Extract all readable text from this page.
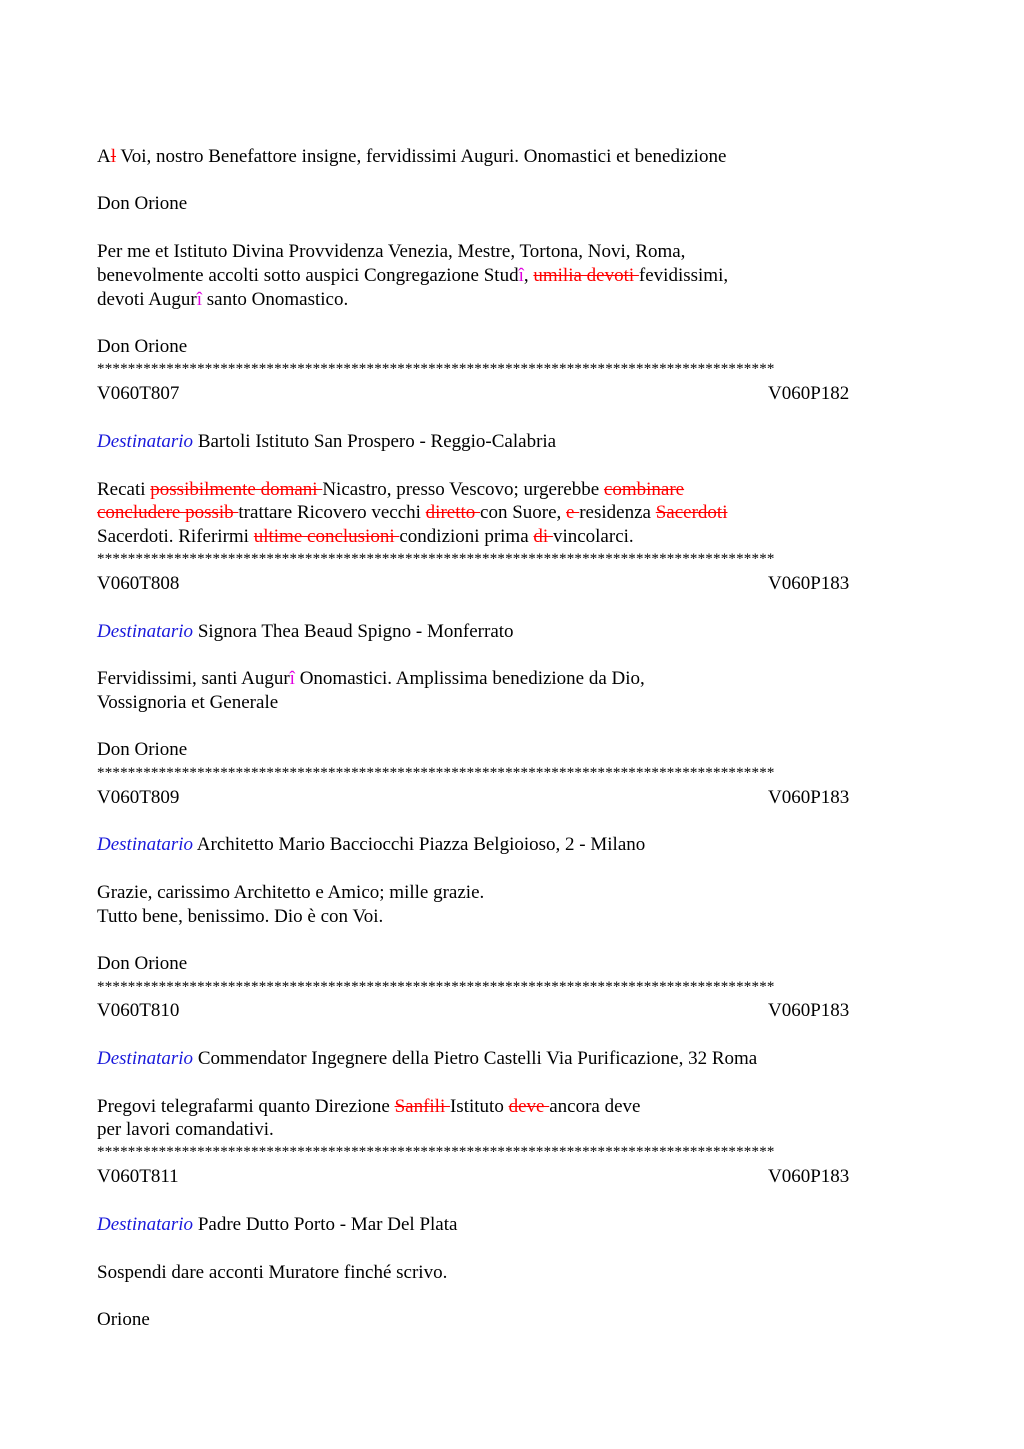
Al Voi, nostro Benefattore insigne, fervidissimi Auguri. Onomastici et benedizione
Don Orione
Per me et Istituto Divina Provvidenza Venezia, Mestre, Tortona, Novi, Roma,
benevolmente accolti sotto auspici Congregazione Studî, umilia devoti fevidissimi,
devoti Augurî santo Onomastico.
Don Orione
****************************************************************************************
V060T807	V060P182
Destinatario Bartoli Istituto San Prospero - Reggio-Calabria
Recati possibilmente domani Nicastro, presso Vescovo; urgerebbe combinare
concludere possib trattare Ricovero vecchi diretto con Suore, e residenza Sacerdoti
Sacerdoti. Riferirmi ultime conclusioni condizioni prima di vincolarci.
****************************************************************************************
V060T808	V060P183
Destinatario Signora Thea Beaud Spigno - Monferrato
Fervidissimi, santi Augurî Onomastici. Amplissima benedizione da Dio,
Vossignoria et Generale
Don Orione
****************************************************************************************
V060T809	V060P183
Destinatario Architetto Mario Bacciocchi Piazza Belgioioso, 2 - Milano
Grazie, carissimo Architetto e Amico; mille grazie.
Tutto bene, benissimo. Dio è con Voi.
Don Orione
****************************************************************************************
V060T810	V060P183
Destinatario Commendator Ingegnere della Pietro Castelli Via Purificazione, 32 Roma
Pregovi telegrafarmi quanto Direzione Sanfili Istituto deve ancora deve
per lavori comandativi.
****************************************************************************************
V060T811	V060P183
Destinatario Padre Dutto Porto - Mar Del Plata
Sospendi dare acconti Muratore finché scrivo.
Orione
